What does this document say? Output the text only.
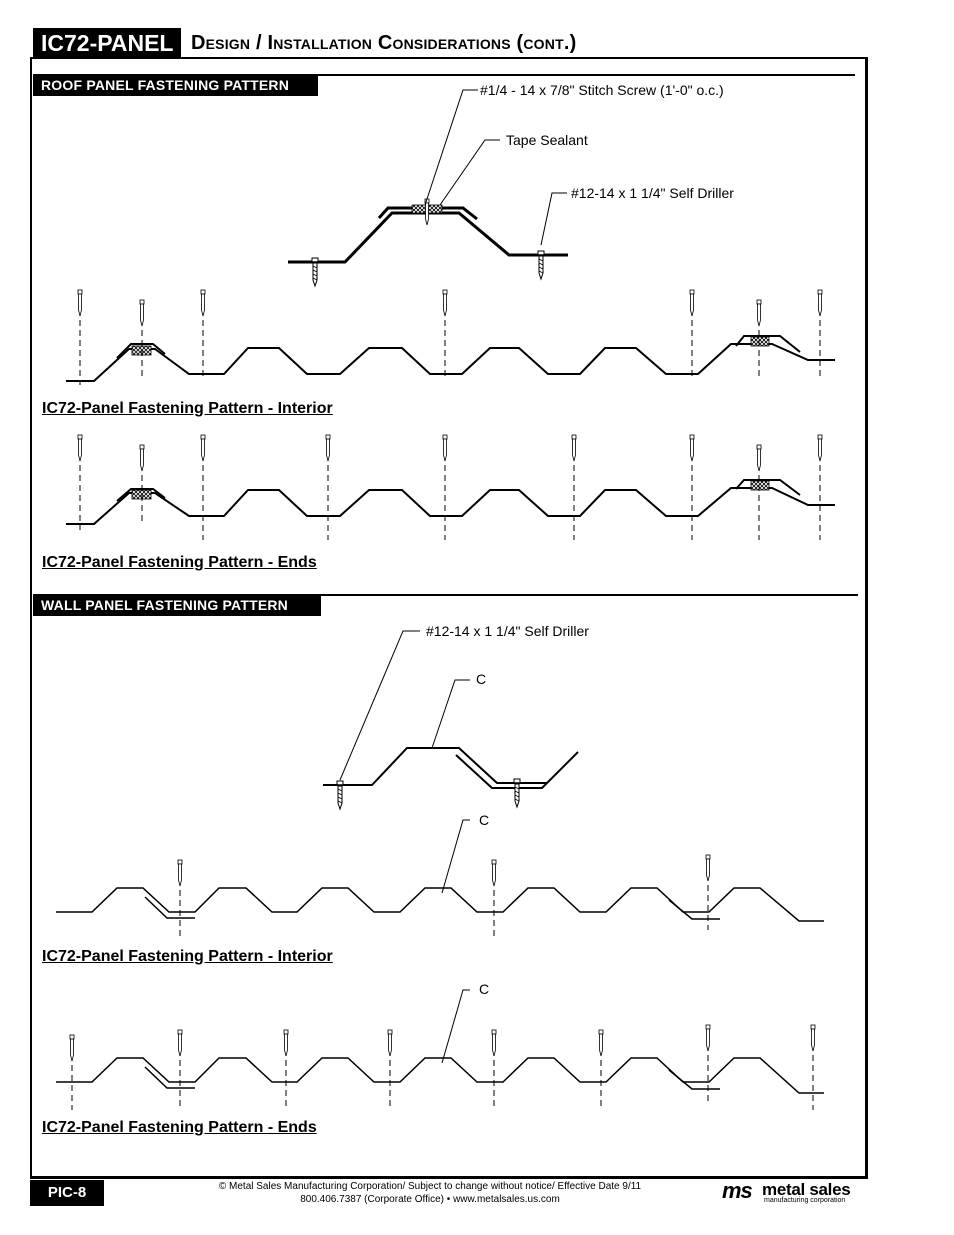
IC72-PANEL Design / Installation Considerations (cont.)
ROOF PANEL FASTENING PATTERN
WALL PANEL FASTENING PATTERN
#1/4 - 14 x 7/8" Stitch Screw (1'-0" o.c.)
Tape Sealant
#12-14 x 1 1/4" Self Driller
IC72-Panel Fastening Pattern - Interior
IC72-Panel Fastening Pattern - Ends
#12-14 x 1 1/4" Self Driller
C
C
C
IC72-Panel Fastening Pattern - Interior
IC72-Panel Fastening Pattern - Ends
PIC-8	© Metal Sales Manufacturing Corporation/ Subject to change without notice/ Effective Date 9/11
800.406.7387 (Corporate Office) • www.metalsales.us.com	ms metal sales
manufacturing corporation
